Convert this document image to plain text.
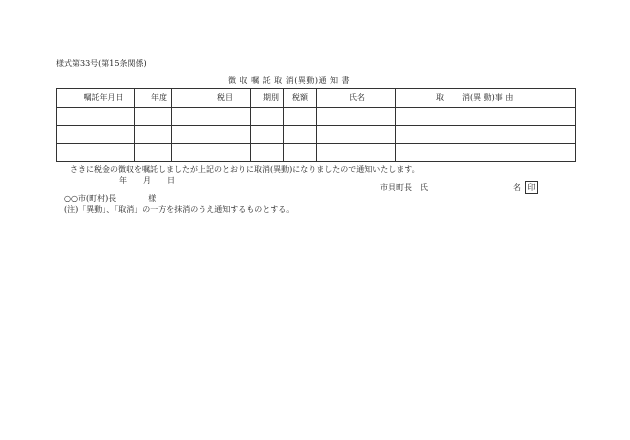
様式第33号(第15条関係)
徴 収 嘱 託 取 消(異動)通 知 書
嘱託年月日	年度	税目	期別	税額	氏名	取 消(異 動)事 由

さきに税金の徴収を嘱託しましたが上記のとおりに取消(異動)になりましたので通知いたします。
年　　月　　日
市貝町長　氏	名 印
○○市(町村)長　　　　様
(注)「異動」、「取消」の一方を抹消のうえ通知するものとする。
